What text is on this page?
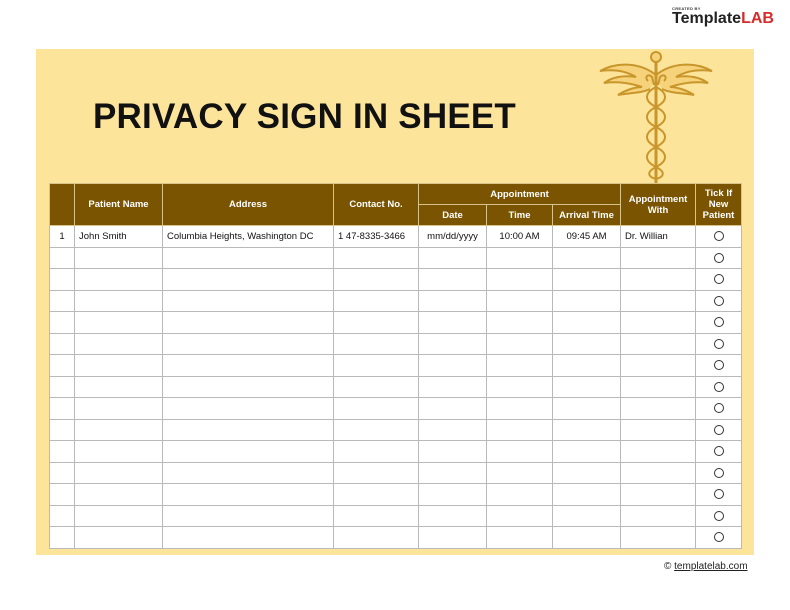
CREATED BY
TemplateLAB
PRIVACY SIGN IN SHEET
	Patient Name	Address	Contact No.	Appointment			Appointment With	Tick If New Patient
				Date	Time	Arrival Time		
1	John Smith	Columbia Heights, Washington DC	1 47-8335-3466	mm/dd/yyyy	10:00 AM	09:45 AM	Dr. Willian	

© templatelab.com
